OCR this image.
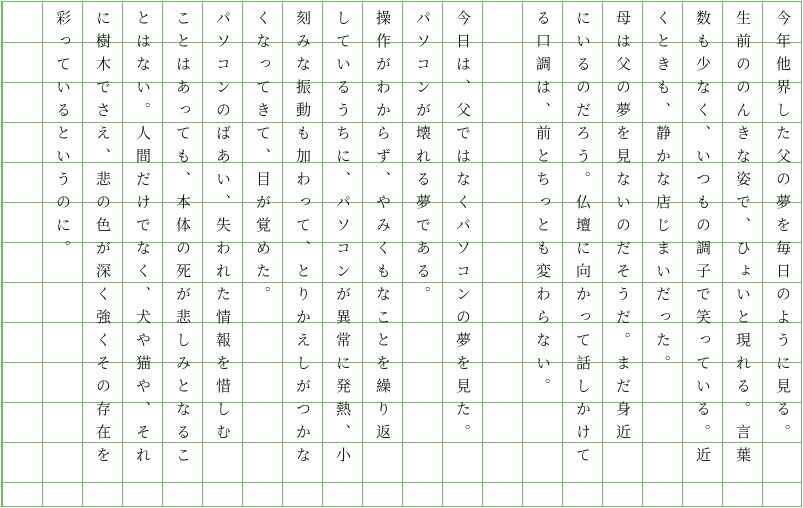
今年他界した父の夢を毎日のように見る。
生前ののんきな姿で、ひょいと現れる。言葉
数も少なく、いつもの調子で笑っている。近
くときも、静かな店じまいだった。
母は父の夢を見ないのだそうだ。まだ身近
にいるのだろう。仏壇に向かって話しかけて
る口調は、前とちっとも変わらない。
今日は、父ではなくパソコンの夢を見た。
パソコンが壊れる夢である。
操作がわからず、やみくもなことを繰り返
しているうちに、パソコンが異常に発熱、小
刻みな振動も加わって、とりかえしがつかな
くなってきて、目が覚めた。
パソコンのばあい、失われた情報を惜しむ
ことはあっても、本体の死が悲しみとなるこ
とはない。人間だけでなく、犬や猫や、それ
に樹木でさえ、悲の色が深く強くその存在を
彩っているというのに。
